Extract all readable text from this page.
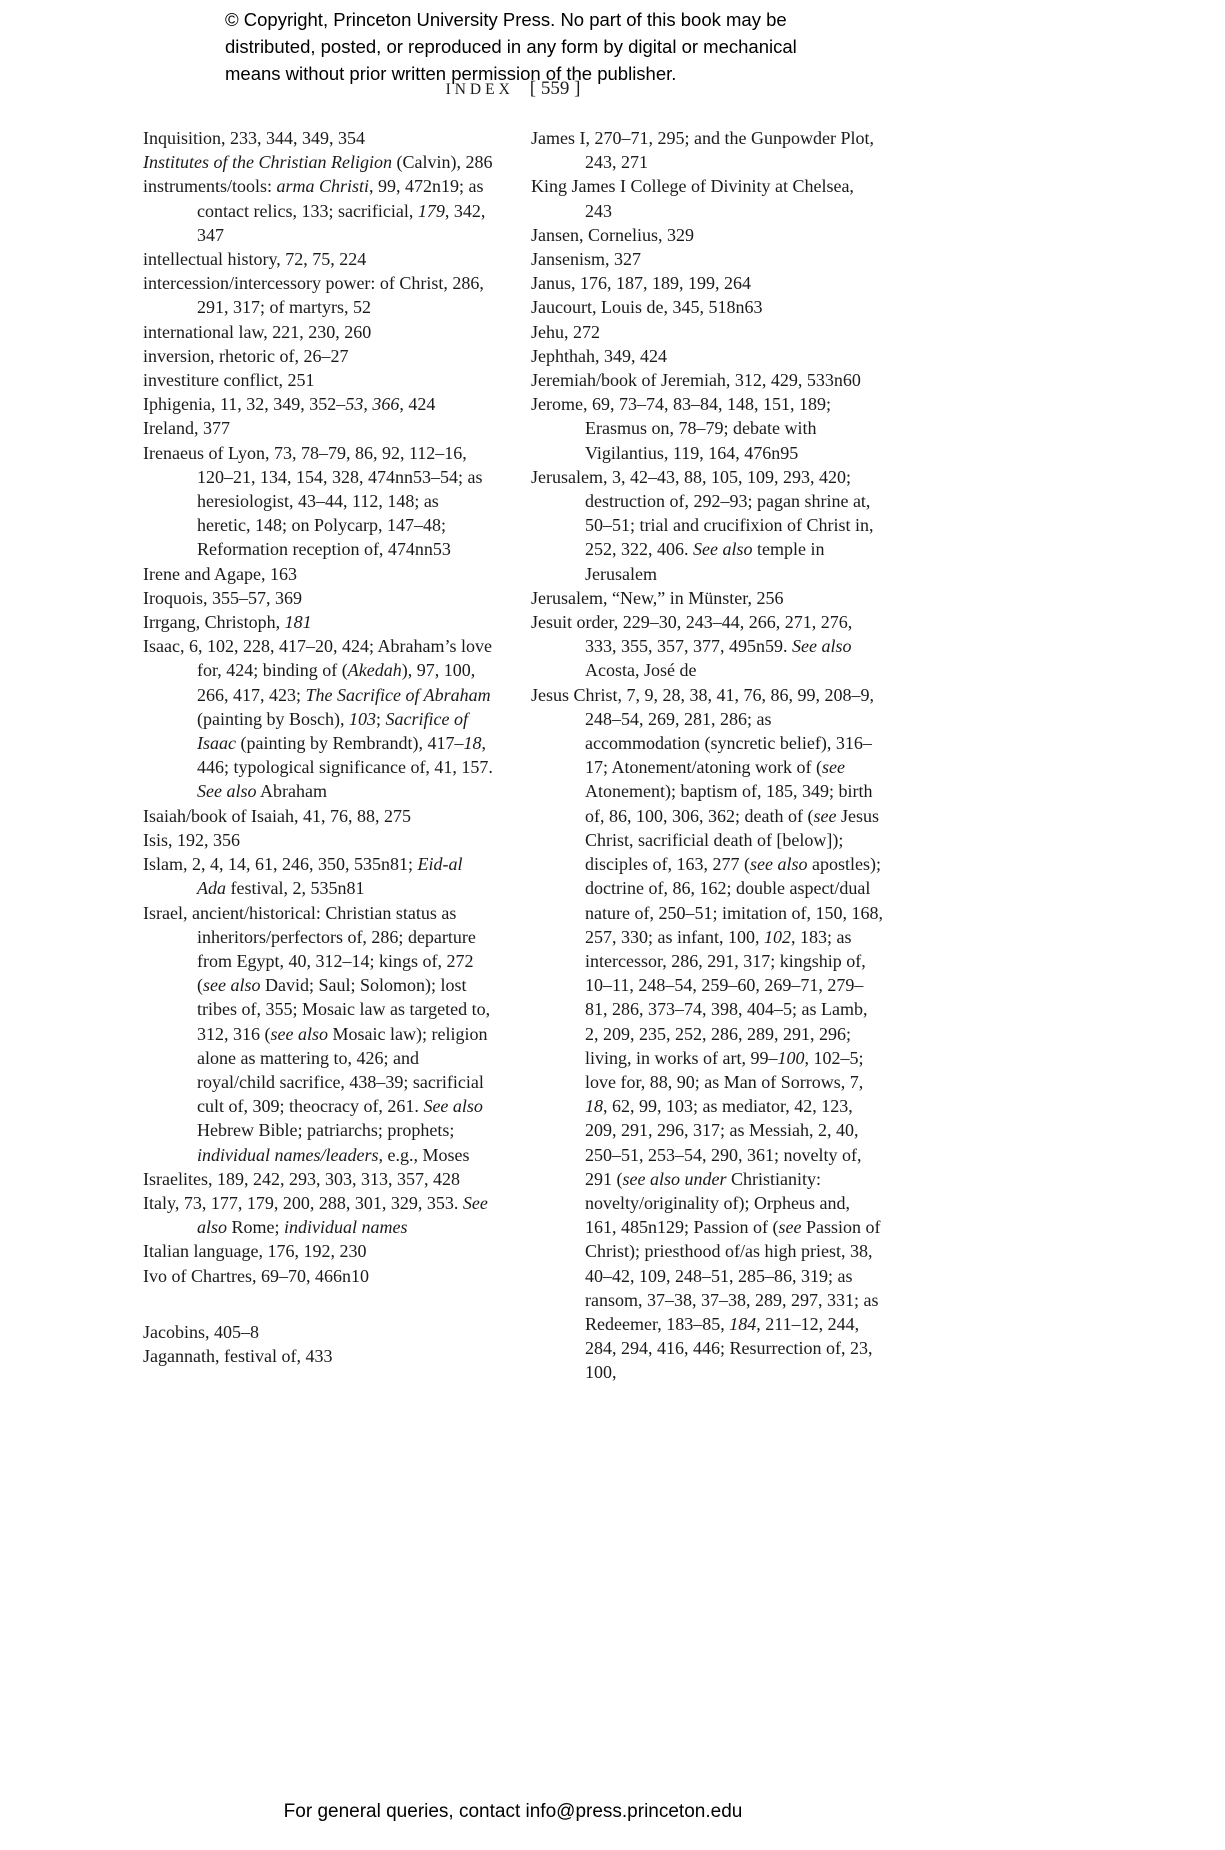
© Copyright, Princeton University Press. No part of this book may be
distributed, posted, or reproduced in any form by digital or mechanical
means without prior written permission of the publisher.
INDEX [ 559 ]
Inquisition, 233, 344, 349, 354
Institutes of the Christian Religion (Calvin), 286
instruments/tools: arma Christi, 99, 472n19; as contact relics, 133; sacrificial, 179, 342, 347
intellectual history, 72, 75, 224
intercession/intercessory power: of Christ, 286, 291, 317; of martyrs, 52
international law, 221, 230, 260
inversion, rhetoric of, 26–27
investiture conflict, 251
Iphigenia, 11, 32, 349, 352–53, 366, 424
Ireland, 377
Irenaeus of Lyon, 73, 78–79, 86, 92, 112–16, 120–21, 134, 154, 328, 474nn53–54; as heresiologist, 43–44, 112, 148; as heretic, 148; on Polycarp, 147–48; Reformation reception of, 474nn53
Irene and Agape, 163
Iroquois, 355–57, 369
Irrgang, Christoph, 181
Isaac, 6, 102, 228, 417–20, 424; Abraham’s love for, 424; binding of (Akedah), 97, 100, 266, 417, 423; The Sacrifice of Abraham (painting by Bosch), 103; Sacrifice of Isaac (painting by Rembrandt), 417–18, 446; typological significance of, 41, 157. See also Abraham
Isaiah/book of Isaiah, 41, 76, 88, 275
Isis, 192, 356
Islam, 2, 4, 14, 61, 246, 350, 535n81; Eid-al Ada festival, 2, 535n81
Israel, ancient/historical: Christian status as inheritors/perfectors of, 286; departure from Egypt, 40, 312–14; kings of, 272 (see also David; Saul; Solomon); lost tribes of, 355; Mosaic law as targeted to, 312, 316 (see also Mosaic law); religion alone as mattering to, 426; and royal/child sacrifice, 438–39; sacrificial cult of, 309; theocracy of, 261. See also Hebrew Bible; patriarchs; prophets; individual names/leaders, e.g., Moses
Israelites, 189, 242, 293, 303, 313, 357, 428
Italy, 73, 177, 179, 200, 288, 301, 329, 353. See also Rome; individual names
Italian language, 176, 192, 230
Ivo of Chartres, 69–70, 466n10
Jacobins, 405–8
Jagannath, festival of, 433
James I, 270–71, 295; and the Gunpowder Plot, 243, 271
King James I College of Divinity at Chelsea, 243
Jansen, Cornelius, 329
Jansenism, 327
Janus, 176, 187, 189, 199, 264
Jaucourt, Louis de, 345, 518n63
Jehu, 272
Jephthah, 349, 424
Jeremiah/book of Jeremiah, 312, 429, 533n60
Jerome, 69, 73–74, 83–84, 148, 151, 189; Erasmus on, 78–79; debate with Vigilantius, 119, 164, 476n95
Jerusalem, 3, 42–43, 88, 105, 109, 293, 420; destruction of, 292–93; pagan shrine at, 50–51; trial and crucifixion of Christ in, 252, 322, 406. See also temple in Jerusalem
Jerusalem, “New,” in Münster, 256
Jesuit order, 229–30, 243–44, 266, 271, 276, 333, 355, 357, 377, 495n59. See also Acosta, José de
Jesus Christ, 7, 9, 28, 38, 41, 76, 86, 99, 208–9, 248–54, 269, 281, 286; as accommodation (syncretic belief), 316–17; Atonement/atoning work of (see Atonement); baptism of, 185, 349; birth of, 86, 100, 306, 362; death of (see Jesus Christ, sacrificial death of [below]); disciples of, 163, 277 (see also apostles); doctrine of, 86, 162; double aspect/dual nature of, 250–51; imitation of, 150, 168, 257, 330; as infant, 100, 102, 183; as intercessor, 286, 291, 317; kingship of, 10–11, 248–54, 259–60, 269–71, 279–81, 286, 373–74, 398, 404–5; as Lamb, 2, 209, 235, 252, 286, 289, 291, 296; living, in works of art, 99–100, 102–5; love for, 88, 90; as Man of Sorrows, 7, 18, 62, 99, 103; as mediator, 42, 123, 209, 291, 296, 317; as Messiah, 2, 40, 250–51, 253–54, 290, 361; novelty of, 291 (see also under Christianity: novelty/originality of); Orpheus and, 161, 485n129; Passion of (see Passion of Christ); priesthood of/as high priest, 38, 40–42, 109, 248–51, 285–86, 319; as ransom, 37–38, 37–38, 289, 297, 331; as Redeemer, 183–85, 184, 211–12, 244, 284, 294, 416, 446; Resurrection of, 23, 100,
For general queries, contact info@press.princeton.edu
